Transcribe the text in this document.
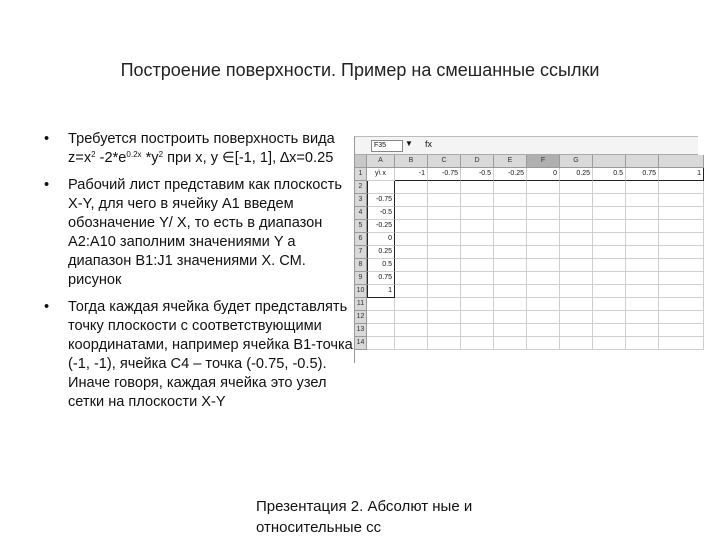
Построение поверхности. Пример на смешанные ссылки
• Требуется построить поверхность вида $z=x^2$ $-2*e^{0.2x}$ $*y^2$ при x, y ∈[-1, 1], ∆x=0.25
• Рабочий лист представим как плоскость X-Y, для чего в ячейку A1 введем обозначение Y/ X, то есть в диапазон A2:A10 заполним значениями Y а диапазон B1:J1 значениями X. СМ. рисунок
• Тогда каждая ячейка будет представлять точку плоскости с соответствующими координатами, например ячейка B1-точка (-1, -1), ячейка C4 – точка (-0.75, -0.5). Иначе говоря, каждая ячейка это узел сетки на плоскости X-Y
F35	▼ fx
A	B	C	D	E	F	G
1	y\ x	-1	-0.75	-0.5	-0.25	0	0.25	0.5	0.75	1
2
3	-0.75
4	-0.5
5	-0.25
6	0
7	0.25
8	0.5
9	0.75
10	1
11
12
13
14
Презентация 2. Абсолют ные и относительные сс
